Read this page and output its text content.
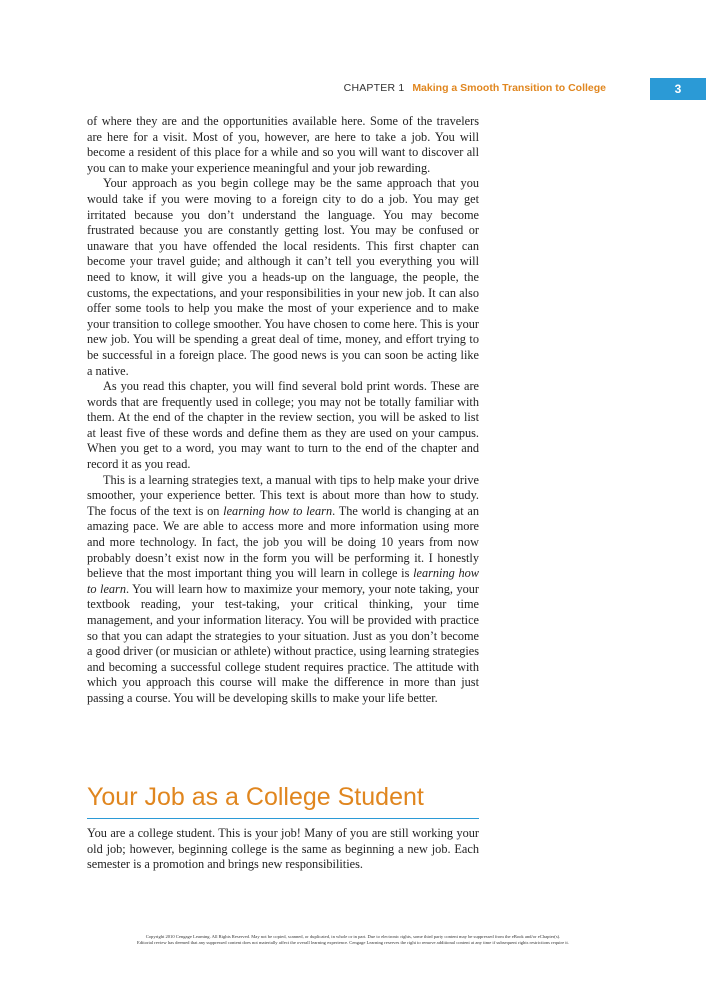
CHAPTER 1 Making a Smooth Transition to College	3

of where they are and the opportunities available here. Some of the travelers are here for a visit. Most of you, however, are here to take a job. You will become a resident of this place for a while and so you will want to discover all you can to make your experience meaningful and your job rewarding.

Your approach as you begin college may be the same approach that you would take if you were moving to a foreign city to do a job. You may get irritated because you don’t understand the language. You may become frustrated because you are constantly getting lost. You may be confused or unaware that you have offended the local residents. This first chapter can become your travel guide; and although it can’t tell you everything you will need to know, it will give you a heads-up on the language, the people, the customs, the expectations, and your responsibilities in your new job. It can also offer some tools to help you make the most of your experience and to make your transition to college smoother. You have chosen to come here. This is your new job. You will be spending a great deal of time, money, and effort trying to be successful in a foreign place. The good news is you can soon be acting like a native.

As you read this chapter, you will find several bold print words. These are words that are frequently used in college; you may not be totally familiar with them. At the end of the chapter in the review section, you will be asked to list at least five of these words and define them as they are used on your campus. When you get to a word, you may want to turn to the end of the chapter and record it as you read.

This is a learning strategies text, a manual with tips to help make your drive smoother, your experience better. This text is about more than how to study. The focus of the text is on learning how to learn. The world is changing at an amazing pace. We are able to access more and more information using more and more technology. In fact, the job you will be doing 10 years from now probably doesn’t exist now in the form you will be performing it. I honestly believe that the most important thing you will learn in college is learning how to learn. You will learn how to maximize your memory, your note taking, your textbook reading, your test-taking, your critical thinking, your time management, and your information literacy. You will be provided with practice so that you can adapt the strategies to your situation. Just as you don’t become a good driver (or musician or athlete) without practice, using learning strategies and becoming a successful college student requires practice. The attitude with which you approach this course will make the difference in more than just passing a course. You will be developing skills to make your life better.

Your Job as a College Student

You are a college student. This is your job! Many of you are still working your old job; however, beginning college is the same as beginning a new job. Each semester is a promotion and brings new responsibilities.

Copyright 2010 Cengage Learning. All Rights Reserved. May not be copied, scanned, or duplicated, in whole or in part. Due to electronic rights, some third party content may be suppressed from the eBook and/or eChapter(s).
Editorial review has deemed that any suppressed content does not materially affect the overall learning experience. Cengage Learning reserves the right to remove additional content at any time if subsequent rights restrictions require it.
